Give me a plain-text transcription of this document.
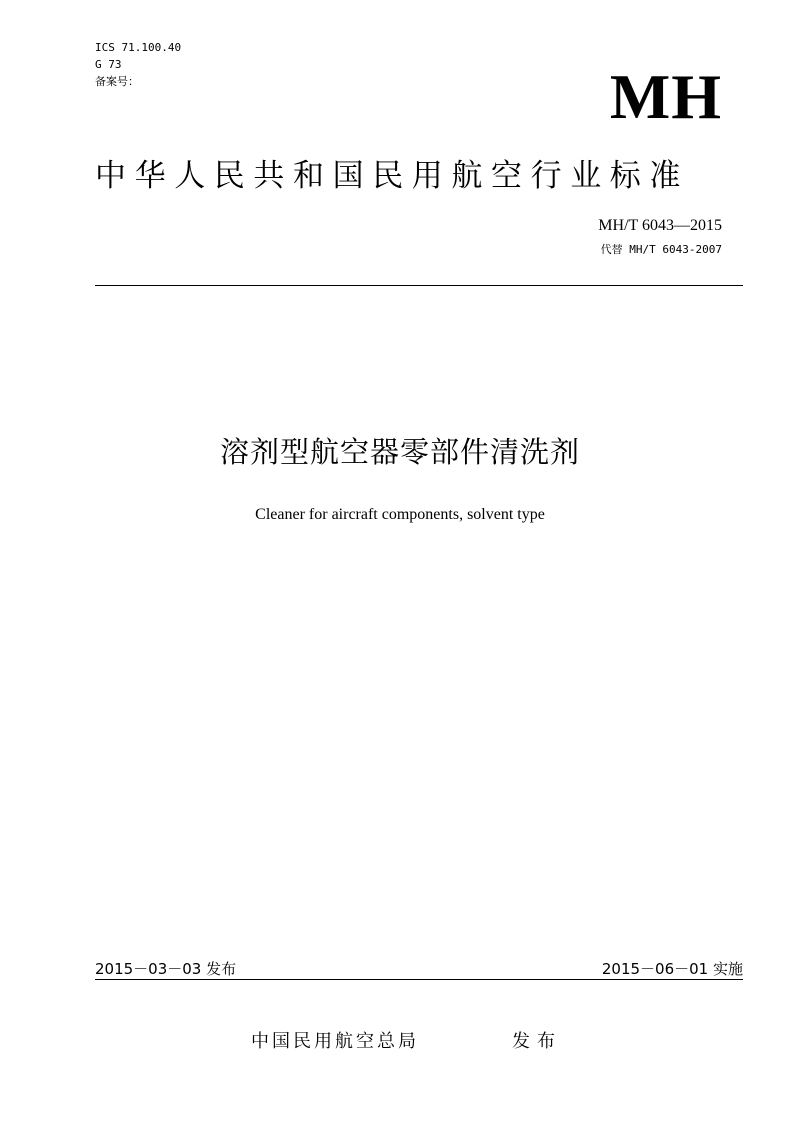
ICS 71.100.40
G 73
备案号：	MH
中华人民共和国民用航空行业标准
MH/T 6043—2015
代替 MH/T 6043-2007
溶剂型航空器零部件清洗剂
Cleaner for aircraft components, solvent type
2015－03－03 发布	2015－06－01 实施
中国民用航空总局	发布
